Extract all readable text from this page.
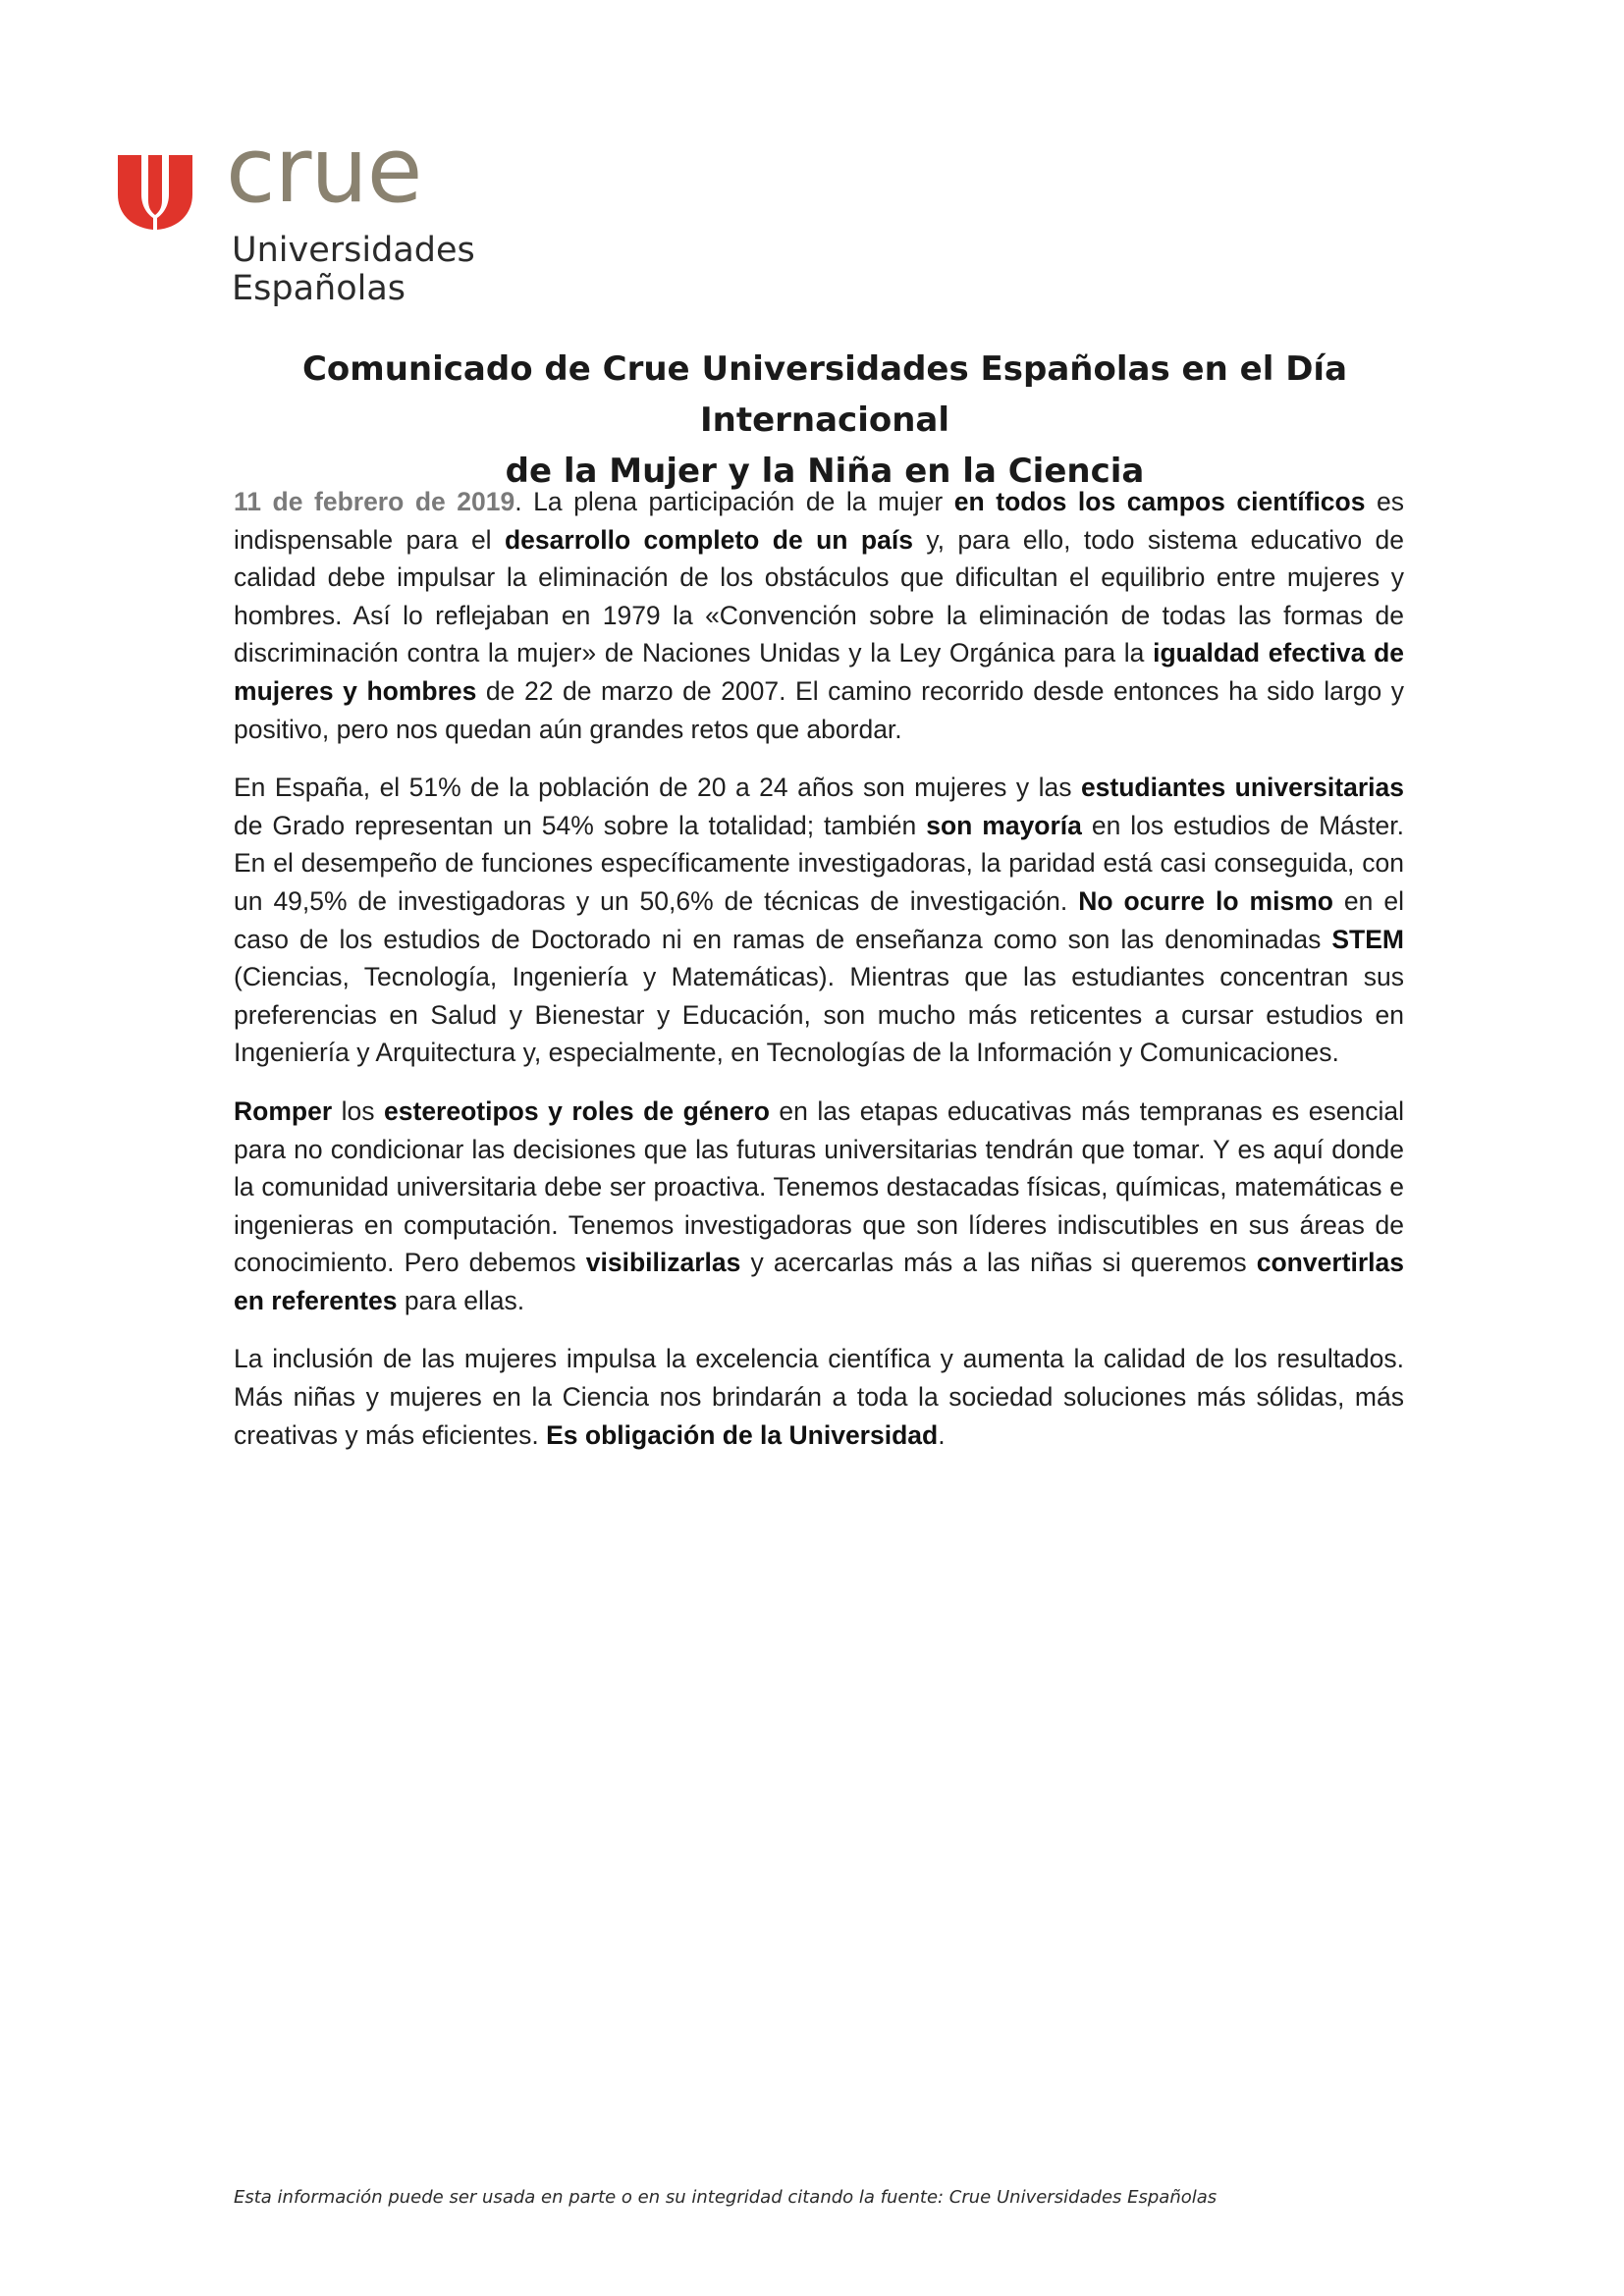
crue
Universidades
Españolas
Comunicado de Crue Universidades Españolas en el Día Internacional
de la Mujer y la Niña en la Ciencia

11 de febrero de 2019. La plena participación de la mujer en todos los campos científicos es indispensable para el desarrollo completo de un país y, para ello, todo sistema educativo de calidad debe impulsar la eliminación de los obstáculos que dificultan el equilibrio entre mujeres y hombres. Así lo reflejaban en 1979 la «Convención sobre la eliminación de todas las formas de discriminación contra la mujer» de Naciones Unidas y la Ley Orgánica para la igualdad efectiva de mujeres y hombres de 22 de marzo de 2007. El camino recorrido desde entonces ha sido largo y positivo, pero nos quedan aún grandes retos que abordar.

En España, el 51% de la población de 20 a 24 años son mujeres y las estudiantes universitarias de Grado representan un 54% sobre la totalidad; también son mayoría en los estudios de Máster. En el desempeño de funciones específicamente investigadoras, la paridad está casi conseguida, con un 49,5% de investigadoras y un 50,6% de técnicas de investigación. No ocurre lo mismo en el caso de los estudios de Doctorado ni en ramas de enseñanza como son las denominadas STEM (Ciencias, Tecnología, Ingeniería y Matemáticas). Mientras que las estudiantes concentran sus preferencias en Salud y Bienestar y Educación, son mucho más reticentes a cursar estudios en Ingeniería y Arquitectura y, especialmente, en Tecnologías de la Información y Comunicaciones.

Romper los estereotipos y roles de género en las etapas educativas más tempranas es esencial para no condicionar las decisiones que las futuras universitarias tendrán que tomar. Y es aquí donde la comunidad universitaria debe ser proactiva. Tenemos destacadas físicas, químicas, matemáticas e ingenieras en computación. Tenemos investigadoras que son líderes indiscutibles en sus áreas de conocimiento. Pero debemos visibilizarlas y acercarlas más a las niñas si queremos convertirlas en referentes para ellas.

La inclusión de las mujeres impulsa la excelencia científica y aumenta la calidad de los resultados. Más niñas y mujeres en la Ciencia nos brindarán a toda la sociedad soluciones más sólidas, más creativas y más eficientes. Es obligación de la Universidad.

Esta información puede ser usada en parte o en su integridad citando la fuente: Crue Universidades Españolas
